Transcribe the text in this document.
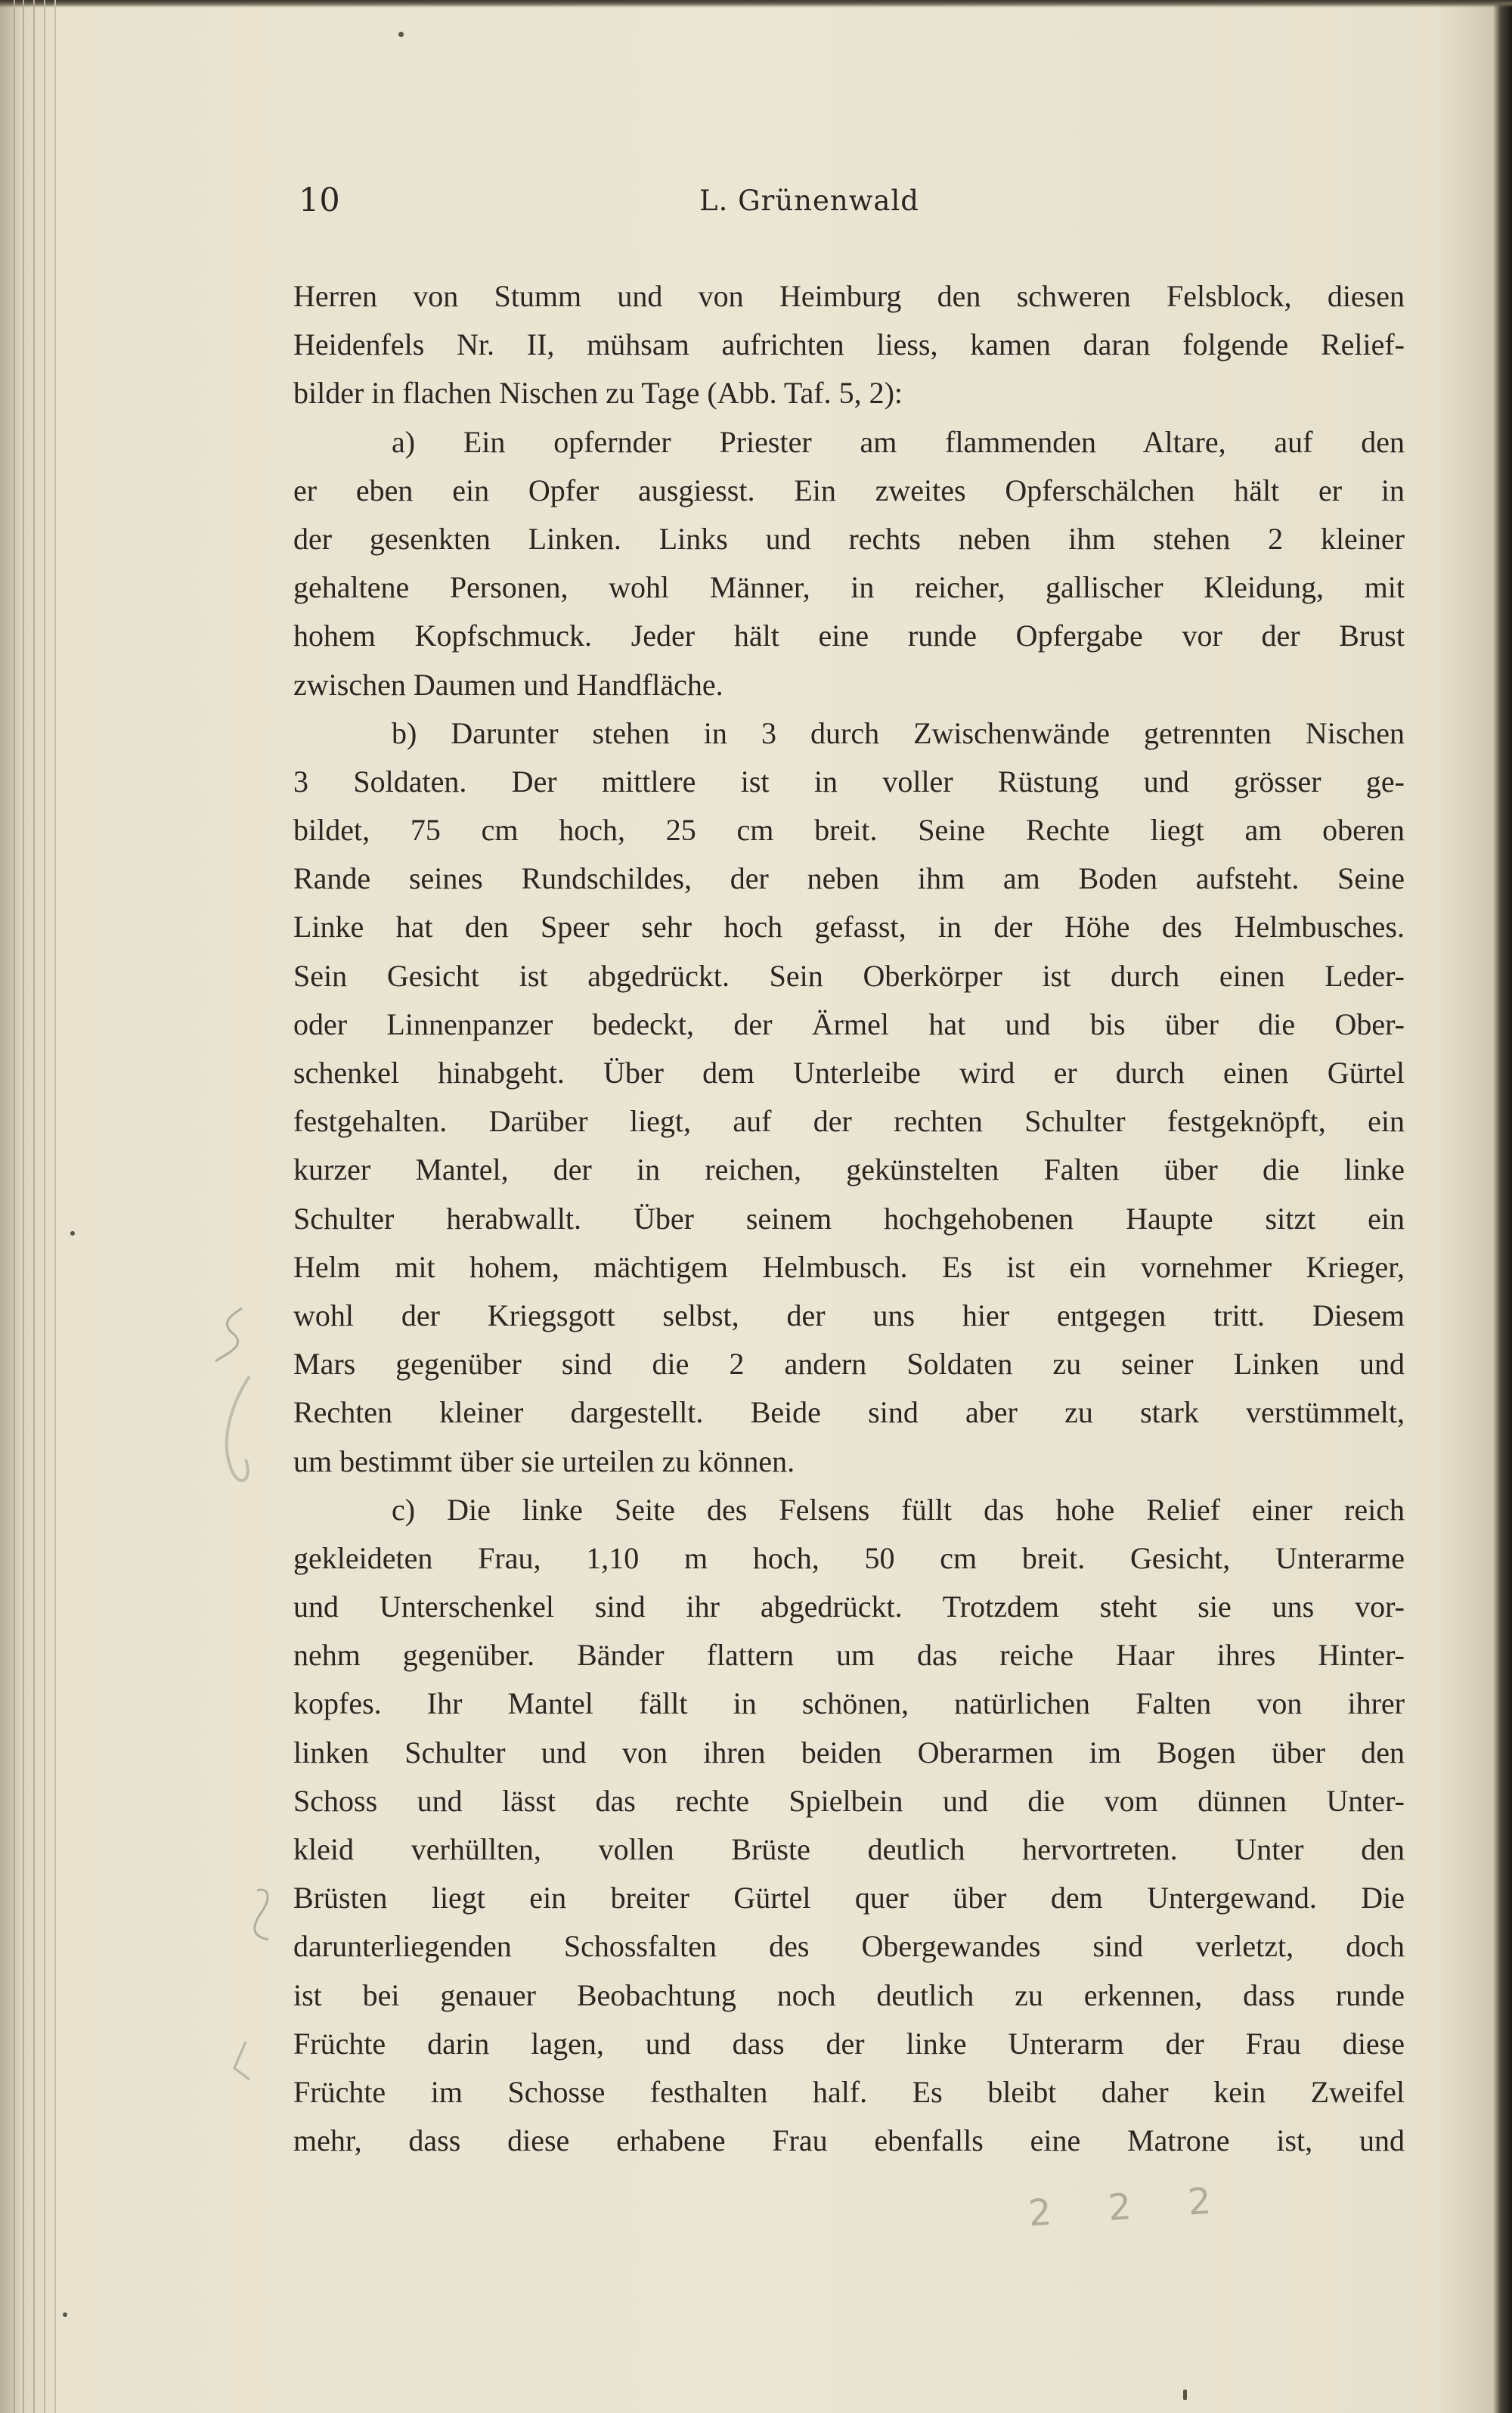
10	L. Grünenwald
Herren von Stumm und von Heimburg den schweren Felsblock, diesen
Heidenfels Nr. II, mühsam aufrichten liess, kamen daran folgende Relief-
bilder in flachen Nischen zu Tage (Abb. Taf. 5, 2):
a) Ein opfernder Priester am flammenden Altare, auf den
er eben ein Opfer ausgiesst. Ein zweites Opferschälchen hält er in
der gesenkten Linken. Links und rechts neben ihm stehen 2 kleiner
gehaltene Personen, wohl Männer, in reicher, gallischer Kleidung, mit
hohem Kopfschmuck. Jeder hält eine runde Opfergabe vor der Brust
zwischen Daumen und Handfläche.
b) Darunter stehen in 3 durch Zwischenwände getrennten Nischen
3 Soldaten. Der mittlere ist in voller Rüstung und grösser ge-
bildet, 75 cm hoch, 25 cm breit. Seine Rechte liegt am oberen
Rande seines Rundschildes, der neben ihm am Boden aufsteht. Seine
Linke hat den Speer sehr hoch gefasst, in der Höhe des Helmbusches.
Sein Gesicht ist abgedrückt. Sein Oberkörper ist durch einen Leder-
oder Linnenpanzer bedeckt, der Ärmel hat und bis über die Ober-
schenkel hinabgeht. Über dem Unterleibe wird er durch einen Gürtel
festgehalten. Darüber liegt, auf der rechten Schulter festgeknöpft, ein
kurzer Mantel, der in reichen, gekünstelten Falten über die linke
Schulter herabwallt. Über seinem hochgehobenen Haupte sitzt ein
Helm mit hohem, mächtigem Helmbusch. Es ist ein vornehmer Krieger,
wohl der Kriegsgott selbst, der uns hier entgegen tritt. Diesem
Mars gegenüber sind die 2 andern Soldaten zu seiner Linken und
Rechten kleiner dargestellt. Beide sind aber zu stark verstümmelt,
um bestimmt über sie urteilen zu können.
c) Die linke Seite des Felsens füllt das hohe Relief einer reich
gekleideten Frau, 1,10 m hoch, 50 cm breit. Gesicht, Unterarme
und Unterschenkel sind ihr abgedrückt. Trotzdem steht sie uns vor-
nehm gegenüber. Bänder flattern um das reiche Haar ihres Hinter-
kopfes. Ihr Mantel fällt in schönen, natürlichen Falten von ihrer
linken Schulter und von ihren beiden Oberarmen im Bogen über den
Schoss und lässt das rechte Spielbein und die vom dünnen Unter-
kleid verhüllten, vollen Brüste deutlich hervortreten. Unter den
Brüsten liegt ein breiter Gürtel quer über dem Untergewand. Die
darunterliegenden Schossfalten des Obergewandes sind verletzt, doch
ist bei genauer Beobachtung noch deutlich zu erkennen, dass runde
Früchte darin lagen, und dass der linke Unterarm der Frau diese
Früchte im Schosse festhalten half. Es bleibt daher kein Zweifel
mehr, dass diese erhabene Frau ebenfalls eine Matrone ist, und
2 2 2
